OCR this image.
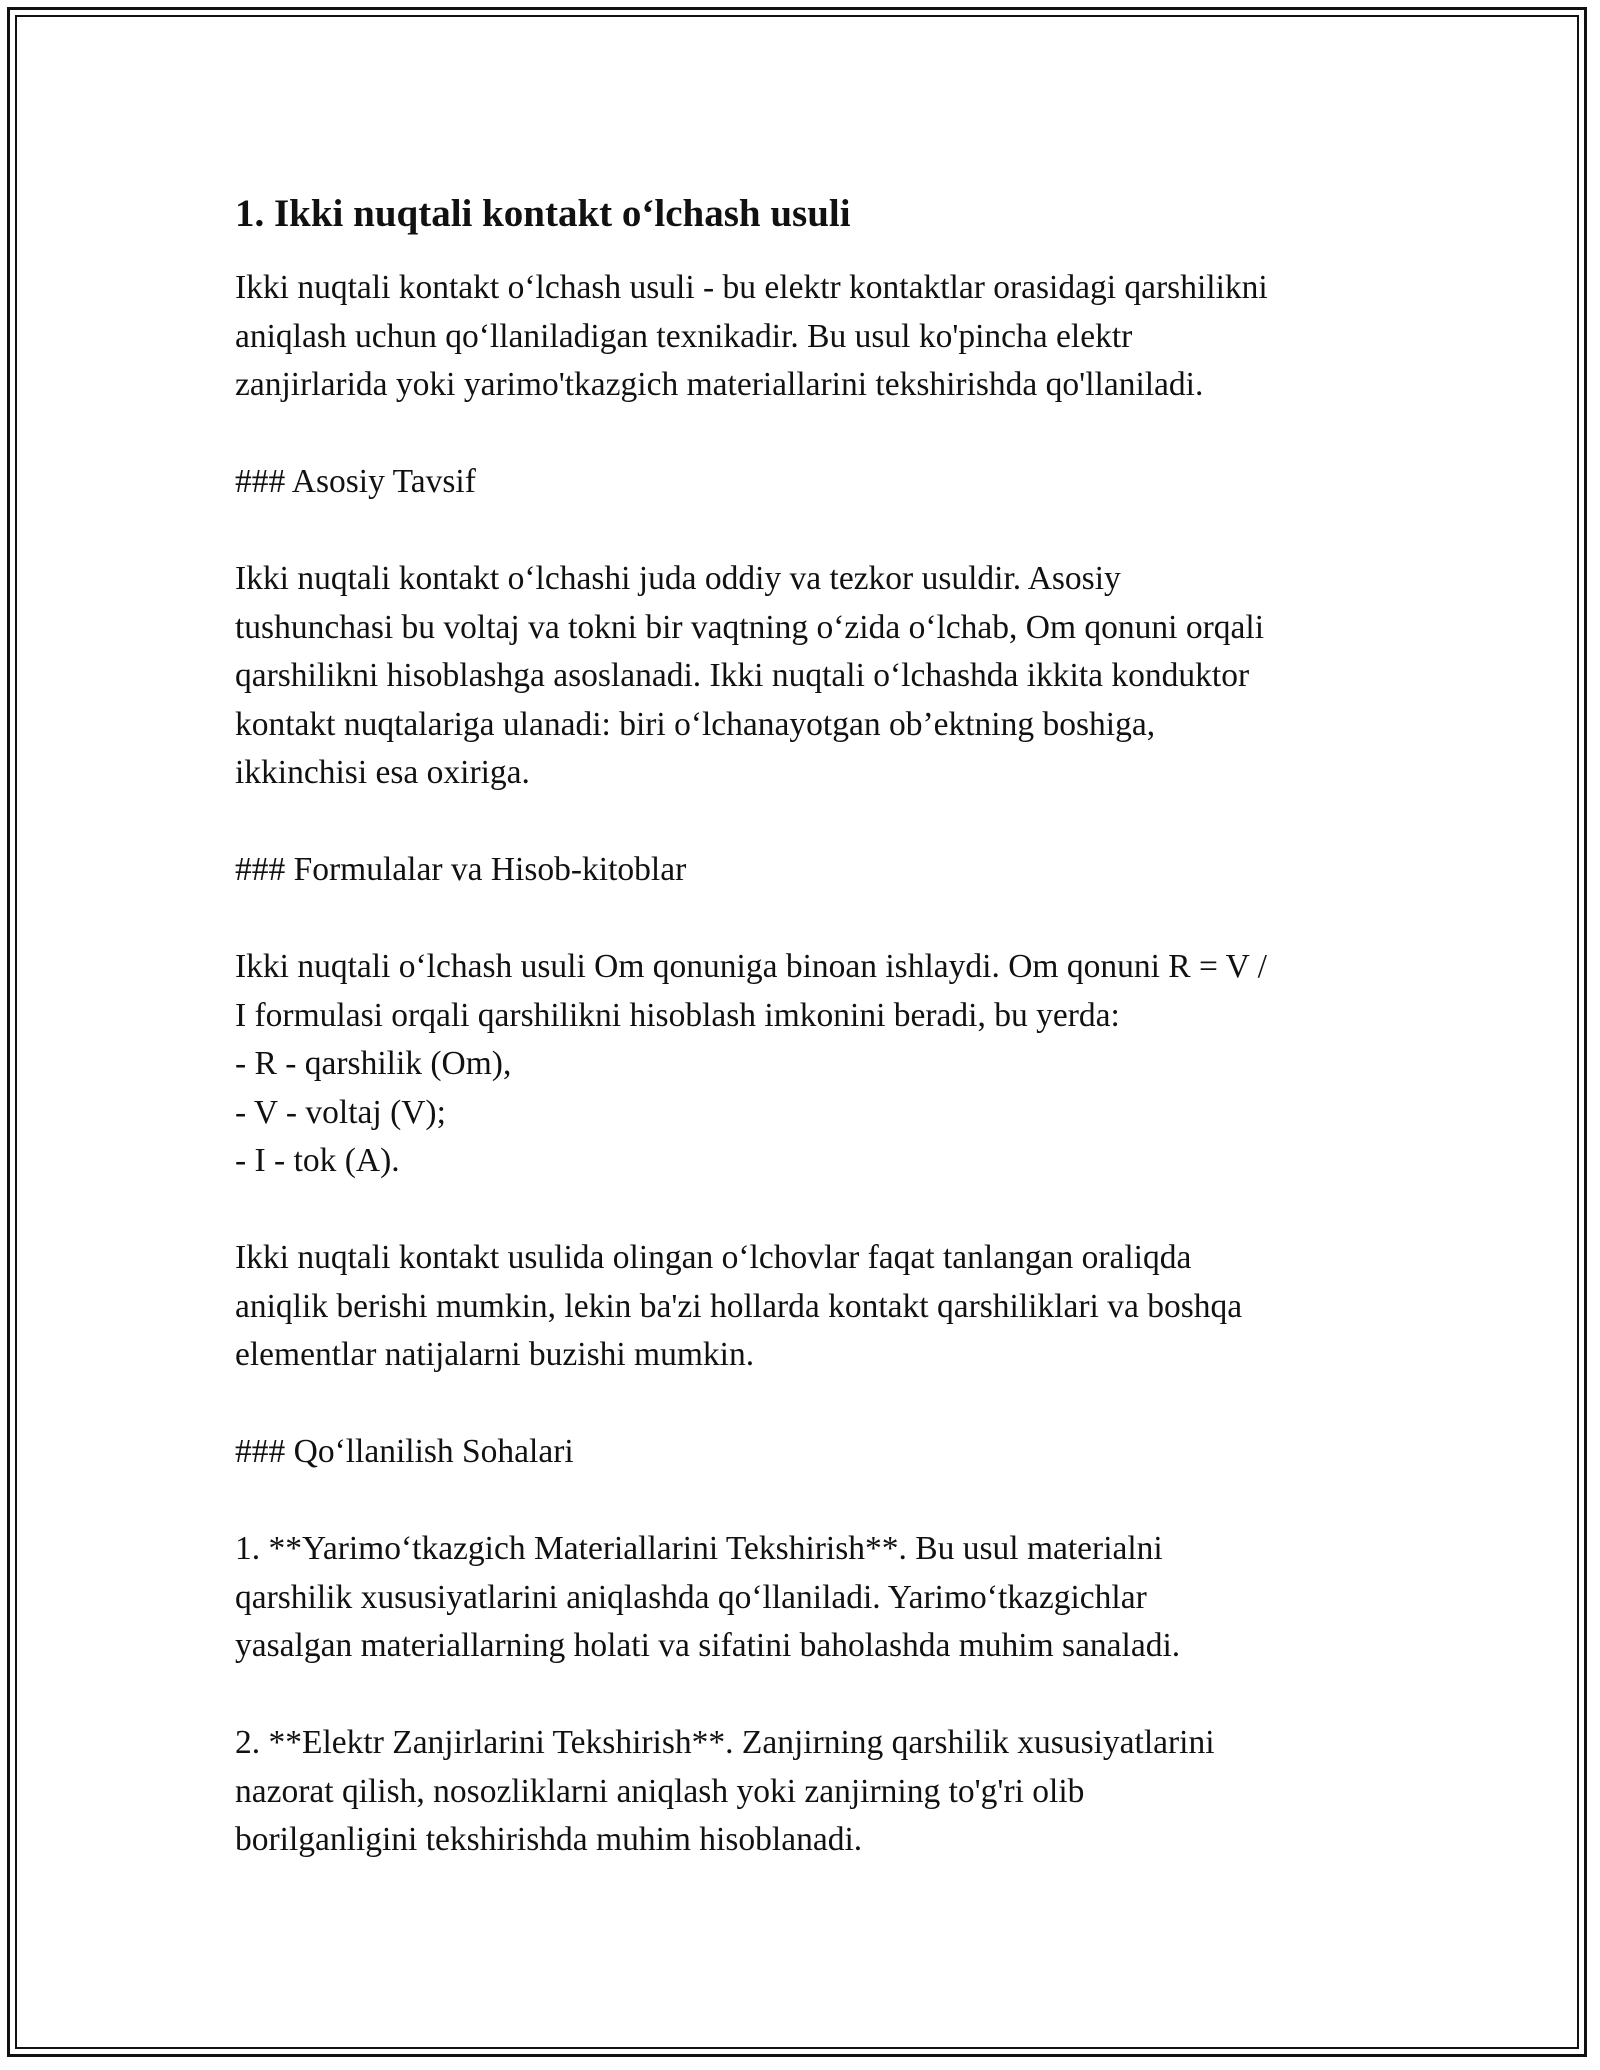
1. Ikki nuqtali kontakt o‘lchash usuli

Ikki nuqtali kontakt o‘lchash usuli - bu elektr kontaktlar orasidagi qarshilikni
aniqlash uchun qo‘llaniladigan texnikadir. Bu usul ko'pincha elektr
zanjirlarida yoki yarimo'tkazgich materiallarini tekshirishda qo'llaniladi.

### Asosiy Tavsif

Ikki nuqtali kontakt o‘lchashi juda oddiy va tezkor usuldir. Asosiy
tushunchasi bu voltaj va tokni bir vaqtning o‘zida o‘lchab, Om qonuni orqali
qarshilikni hisoblashga asoslanadi. Ikki nuqtali o‘lchashda ikkita konduktor
kontakt nuqtalariga ulanadi: biri o‘lchanayotgan ob’ektning boshiga,
ikkinchisi esa oxiriga.

### Formulalar va Hisob-kitoblar

Ikki nuqtali o‘lchash usuli Om qonuniga binoan ishlaydi. Om qonuni R = V /
I formulasi orqali qarshilikni hisoblash imkonini beradi, bu yerda:
- R - qarshilik (Om),
- V - voltaj (V);
- I - tok (A).

Ikki nuqtali kontakt usulida olingan o‘lchovlar faqat tanlangan oraliqda
aniqlik berishi mumkin, lekin ba'zi hollarda kontakt qarshiliklari va boshqa
elementlar natijalarni buzishi mumkin.

### Qo‘llanilish Sohalari

1. **Yarimo‘tkazgich Materiallarini Tekshirish**. Bu usul materialni
qarshilik xususiyatlarini aniqlashda qo‘llaniladi. Yarimo‘tkazgichlar
yasalgan materiallarning holati va sifatini baholashda muhim sanaladi.

2. **Elektr Zanjirlarini Tekshirish**. Zanjirning qarshilik xususiyatlarini
nazorat qilish, nosozliklarni aniqlash yoki zanjirning to'g'ri olib
borilganligini tekshirishda muhim hisoblanadi.
